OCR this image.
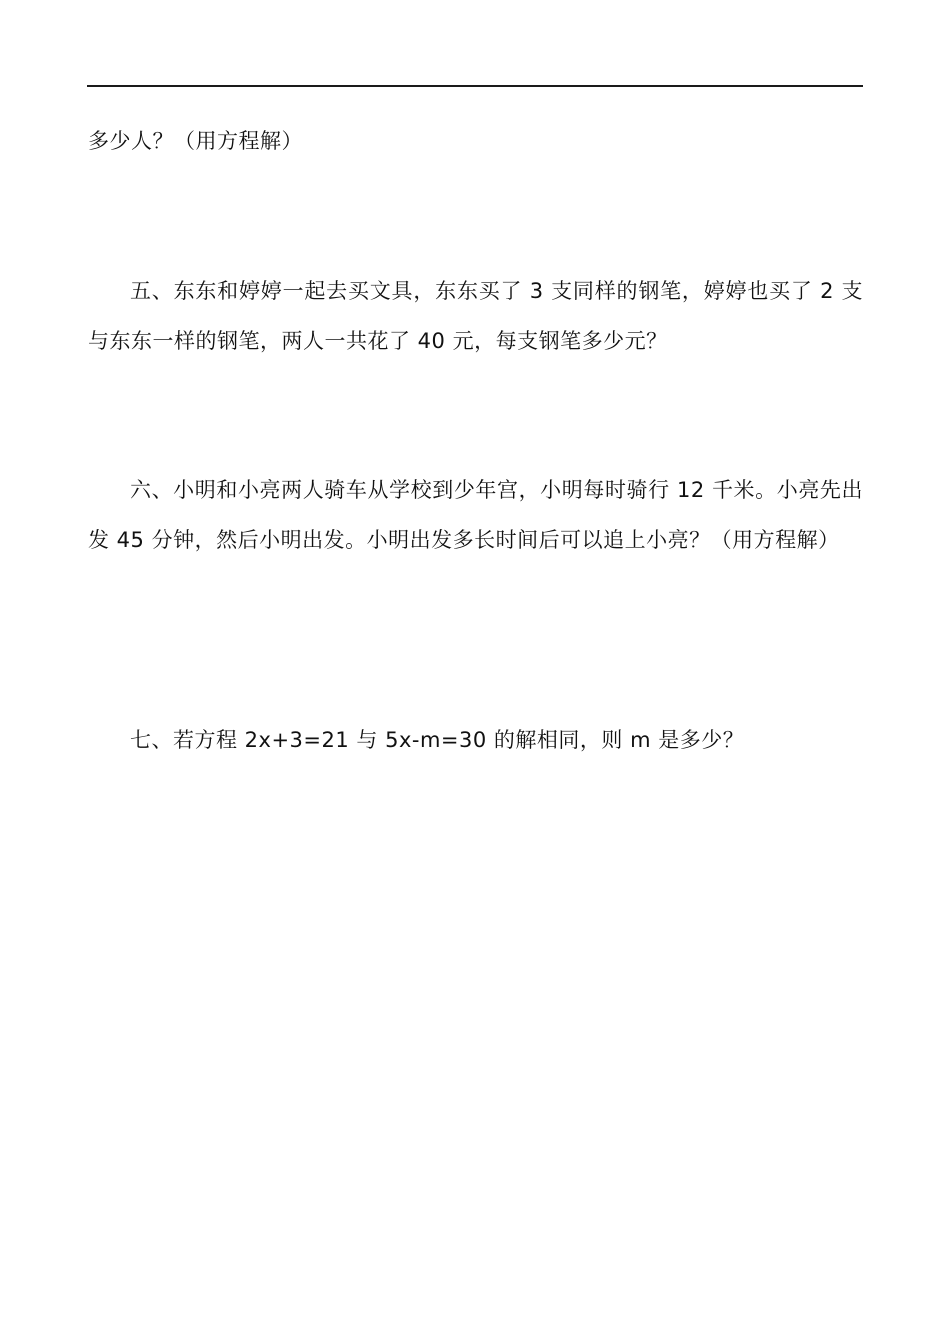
多少人？（用方程解）

五、东东和婷婷一起去买文具，东东买了 3 支同样的钢笔，婷婷也买了 2 支与东东一样的钢笔，两人一共花了 40 元，每支钢笔多少元？

六、小明和小亮两人骑车从学校到少年宫，小明每时骑行 12 千米。小亮先出发 45 分钟，然后小明出发。小明出发多长时间后可以追上小亮？（用方程解）

七、若方程 2x+3=21 与 5x-m=30 的解相同，则 m 是多少？
